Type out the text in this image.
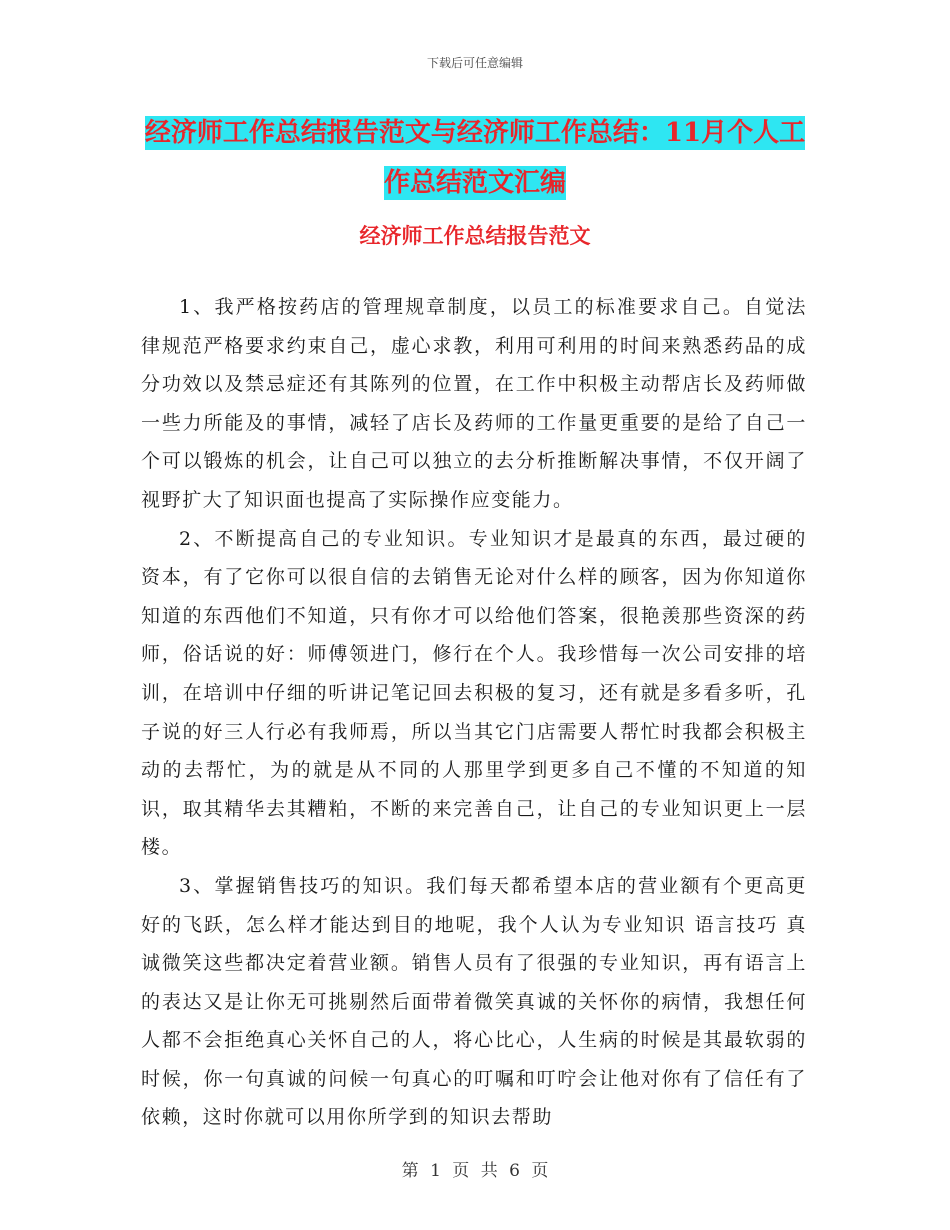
下载后可任意编辑
经济师工作总结报告范文与经济师工作总结：11月个人工作总结范文汇编
经济师工作总结报告范文

1、我严格按药店的管理规章制度，以员工的标准要求自己。自觉法律规范严格要求约束自己，虚心求教，利用可利用的时间来熟悉药品的成分功效以及禁忌症还有其陈列的位置，在工作中积极主动帮店长及药师做一些力所能及的事情，减轻了店长及药师的工作量更重要的是给了自己一个可以锻炼的机会，让自己可以独立的去分析推断解决事情，不仅开阔了视野扩大了知识面也提高了实际操作应变能力。

2、不断提高自己的专业知识。专业知识才是最真的东西，最过硬的资本，有了它你可以很自信的去销售无论对什么样的顾客，因为你知道你知道的东西他们不知道，只有你才可以给他们答案，很艳羡那些资深的药师，俗话说的好：师傅领进门，修行在个人。我珍惜每一次公司安排的培训，在培训中仔细的听讲记笔记回去积极的复习，还有就是多看多听，孔子说的好三人行必有我师焉，所以当其它门店需要人帮忙时我都会积极主动的去帮忙，为的就是从不同的人那里学到更多自己不懂的不知道的知识，取其精华去其糟粕，不断的来完善自己，让自己的专业知识更上一层楼。

3、掌握销售技巧的知识。我们每天都希望本店的营业额有个更高更好的飞跃，怎么样才能达到目的地呢，我个人认为专业知识 语言技巧 真诚微笑这些都决定着营业额。销售人员有了很强的专业知识，再有语言上的表达又是让你无可挑剔然后面带着微笑真诚的关怀你的病情，我想任何人都不会拒绝真心关怀自己的人，将心比心，人生病的时候是其最软弱的时候，你一句真诚的问候一句真心的叮嘱和叮咛会让他对你有了信任有了依赖，这时你就可以用你所学到的知识去帮助

第 1 页 共 6 页
